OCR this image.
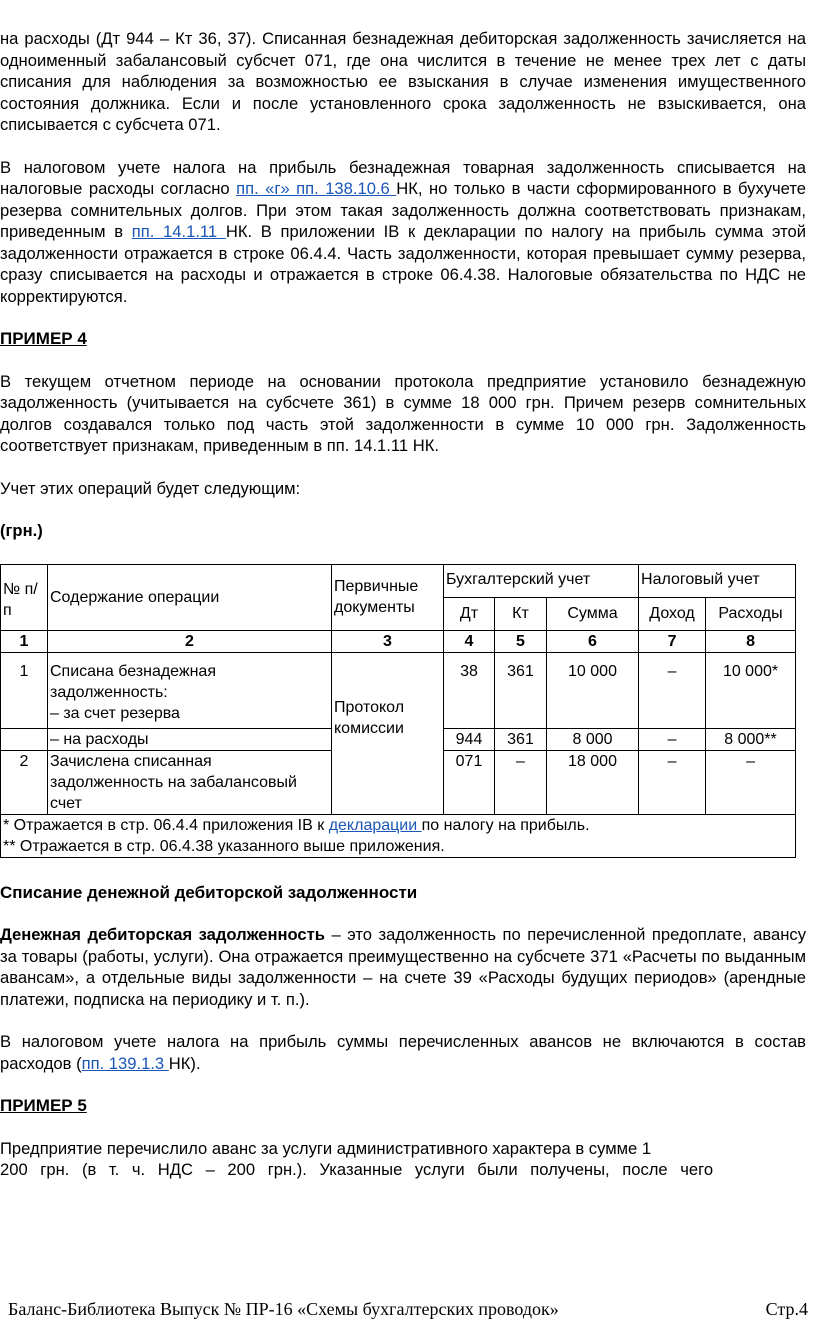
на расходы (Дт 944 – Кт 36, 37). Списанная безнадежная дебиторская задолженность зачисляется на одноименный забалансовый субсчет 071, где она числится в течение не менее трех лет с даты списания для наблюдения за возможностью ее взыскания в случае изменения имущественного состояния должника. Если и после установленного срока задолженность не взыскивается, она списывается с субсчета 071.

В налоговом учете налога на прибыль безнадежная товарная задолженность списывается на налоговые расходы согласно пп. «г» пп. 138.10.6 НК, но только в части сформированного в бухучете резерва сомнительных долгов. При этом такая задолженность должна соответствовать признакам, приведенным в пп. 14.1.11 НК. В приложении ІВ к декларации по налогу на прибыль сумма этой задолженности отражается в строке 06.4.4. Часть задолженности, которая превышает сумму резерва, сразу списывается на расходы и отражается в строке 06.4.38. Налоговые обязательства по НДС не корректируются.

ПРИМЕР 4

В текущем отчетном периоде на основании протокола предприятие установило безнадежную задолженность (учитывается на субсчете 361) в сумме 18 000 грн. Причем резерв сомнительных долгов создавался только под часть этой задолженности в сумме 10 000 грн. Задолженность соответствует признакам, приведенным в пп. 14.1.11 НК.

Учет этих операций будет следующим:

(грн.)

№ п/п	Содержание операции	Первичные документы	Бухгалтерский учет			Налоговый учет	
			Дт	Кт	Сумма	Доход	Расходы
1	2	3	4	5	6	7	8
1	Списана безнадежная задолженность:
– за счет резерва	Протокол комиссии	38	361	10 000	–	10 000*
	– на расходы		944	361	8 000	–	8 000**
2	Зачислена списанная задолженность на забалансовый счет		071	–	18 000	–	–

* Отражается в стр. 06.4.4 приложения ІВ к декларации по налогу на прибыль.
** Отражается в стр. 06.4.38 указанного выше приложения.							

Списание денежной дебиторской задолженности

Денежная дебиторская задолженность – это задолженность по перечисленной предоплате, авансу за товары (работы, услуги). Она отражается преимущественно на субсчете 371 «Расчеты по выданным авансам», а отдельные виды задолженности – на счете 39 «Расходы будущих периодов» (арендные платежи, подписка на периодику и т. п.).

В налоговом учете налога на прибыль суммы перечисленных авансов не включаются в состав расходов (пп. 139.1.3 НК).

ПРИМЕР 5

Предприятие перечислило аванс за услуги административного характера в сумме 1

200 грн. (в т. ч. НДС – 200 грн.). Указанные услуги были получены, после чего

Баланс-Библиотека Выпуск № ПР-16 «Схемы бухгалтерских проводок»	Стр.4
